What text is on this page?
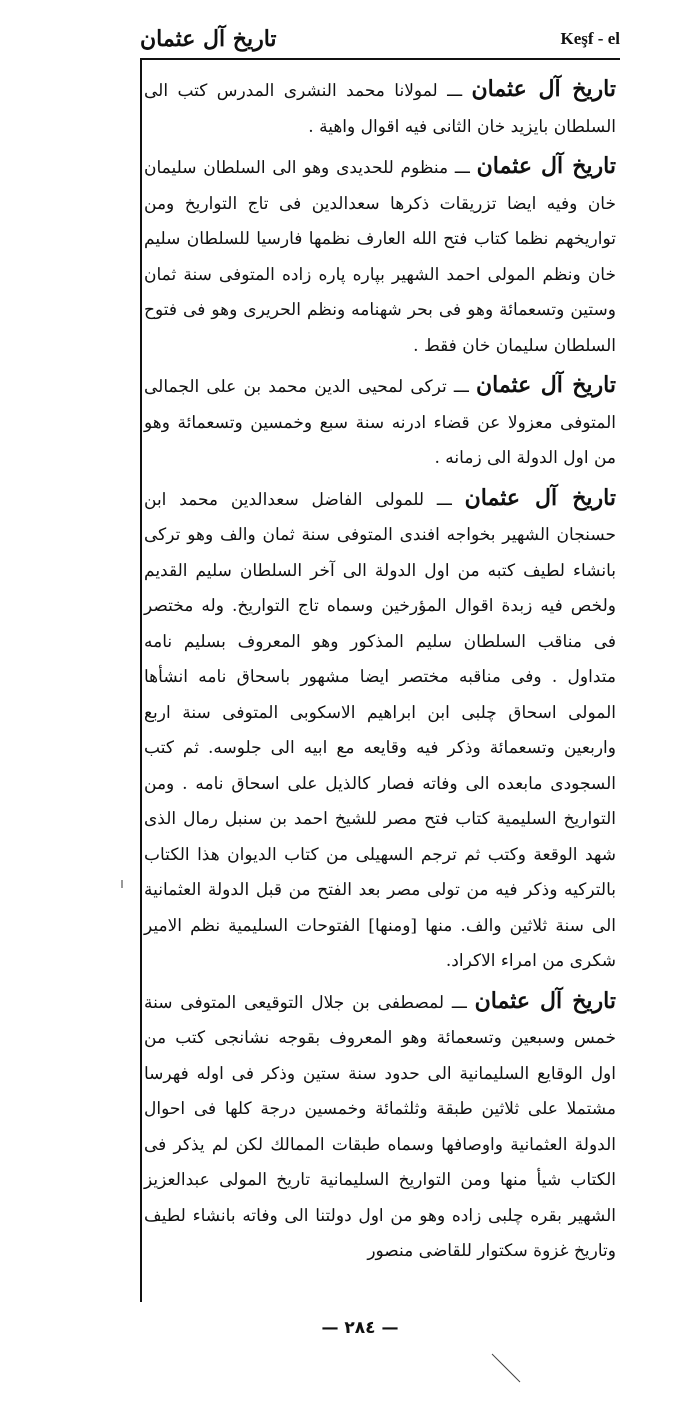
تاريخ آل عثمان	Keşf - el

تاريخ آل عثمان ـــ لمولانا محمد النشرى المدرس كتب الى السلطان بايزيد خان الثانى فيه اقوال واهية .

تاريخ آل عثمان ـــ منظوم للحديدى وهو الى السلطان سليمان خان وفيه ايضا تزريقات ذكرها سعدالدين فى تاج التواريخ ومن تواريخهم نظما كتاب فتح الله العارف نظمها فارسيا للسلطان سليم خان ونظم المولى احمد الشهير بپاره پاره زاده المتوفى سنة ثمان وستين وتسعمائة وهو فى بحر شهنامه ونظم الحريرى وهو فى فتوح السلطان سليمان خان فقط .

تاريخ آل عثمان ـــ تركى لمحيى الدين محمد بن على الجمالى المتوفى معزولا عن قضاء ادرنه سنة سبع وخمسين وتسعمائة وهو من اول الدولة الى زمانه .

تاريخ آل عثمان ـــ للمولى الفاضل سعدالدين محمد ابن حسنجان الشهير بخواجه افندى المتوفى سنة ثمان والف وهو تركى بانشاء لطيف كتبه من اول الدولة الى آخر السلطان سليم القديم ولخص فيه زبدة اقوال المؤرخين وسماه تاج التواريخ. وله مختصر فى مناقب السلطان سليم المذكور وهو المعروف بسليم نامه متداول . وفى مناقبه مختصر ايضا مشهور باسحاق نامه انشأها المولى اسحاق چلبى ابن ابراهيم الاسكوبى المتوفى سنة اربع واربعين وتسعمائة وذكر فيه وقايعه مع ابيه الى جلوسه. ثم كتب السجودى مابعده الى وفاته فصار كالذيل على اسحاق نامه . ومن التواريخ السليمية كتاب فتح مصر للشيخ احمد بن سنبل رمال الذى شهد الوقعة وكتب ثم ترجم السهيلى من كتاب الديوان هذا الكتاب بالتركيه وذكر فيه من تولى مصر بعد الفتح من قبل الدولة العثمانية الى سنة ثلاثين والف. منها [ومنها] الفتوحات السليمية نظم الامير شكرى من امراء الاكراد.

تاريخ آل عثمان ـــ لمصطفى بن جلال التوقيعى المتوفى سنة خمس وسبعين وتسعمائة وهو المعروف بقوجه نشانجى كتب من اول الوقايع السليمانية الى حدود سنة ستين وذكر فى اوله فهرسا مشتملا على ثلاثين طبقة وثلثمائة وخمسين درجة كلها فى احوال الدولة العثمانية واوصافها وسماه طبقات الممالك لكن لم يذكر فى الكتاب شيأ منها ومن التواريخ السليمانية تاريخ المولى عبدالعزيز الشهير بقره چلبى زاده وهو من اول دولتنا الى وفاته بانشاء لطيف وتاريخ غزوة سكتوار للقاضى منصور

— ٢٨٤ —
